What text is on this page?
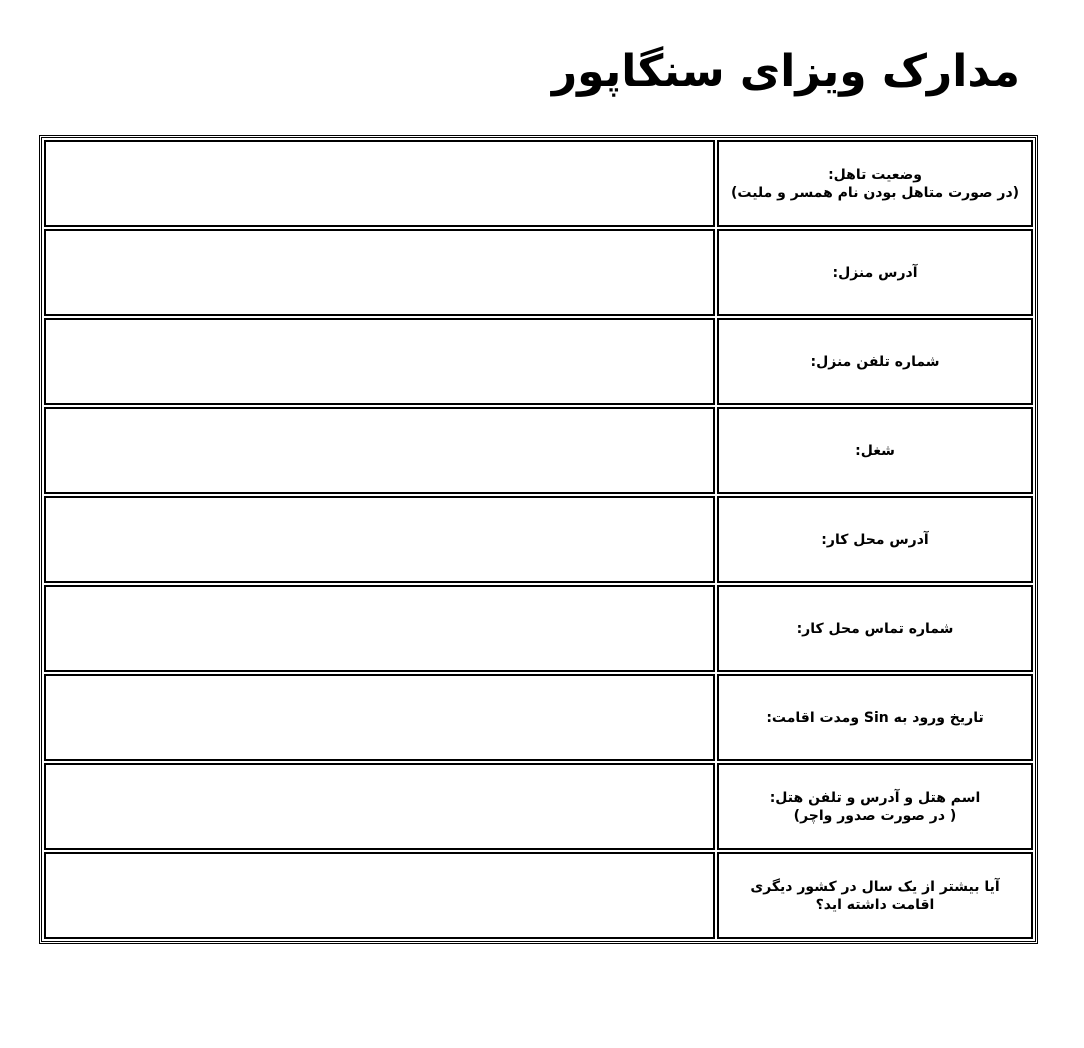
مدارک ویزای سنگاپور
وضعیت تاهل:
(در صورت متاهل بودن نام همسر و ملیت)
آدرس منزل:
شماره تلفن منزل:
شغل:
آدرس محل کار:
شماره تماس محل کار:
تاریخ ورود به Sin ومدت اقامت:
اسم هتل و آدرس و تلفن هتل:
( در صورت صدور واچر)
آیا بیشتر از یک سال در کشور دیگری
اقامت داشته اید؟
